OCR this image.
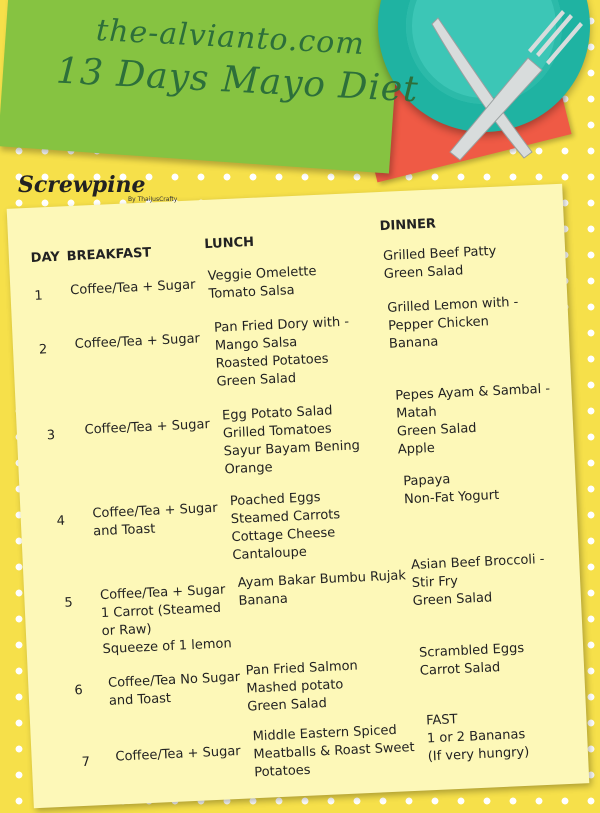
the-alvianto.com
13 Days Mayo Diet
Screwpine
By ThaiJusCrafty
DAY BREAKFAST
LUNCH
DINNER
1 Coffee/Tea + Sugar
Veggie Omelette
Tomato Salsa
Grilled Beef Patty
Green Salad
2 Coffee/Tea + Sugar
Pan Fried Dory with -
Mango Salsa
Roasted Potatoes
Green Salad
Grilled Lemon with -
Pepper Chicken
Banana
3 Coffee/Tea + Sugar
Egg Potato Salad
Grilled Tomatoes
Sayur Bayam Bening
Orange
Pepes Ayam & Sambal -
Matah
Green Salad
Apple
4 Coffee/Tea + Sugar
and Toast
Poached Eggs
Steamed Carrots
Cottage Cheese
Cantaloupe
Papaya
Non-Fat Yogurt
5 Coffee/Tea + Sugar
1 Carrot (Steamed
or Raw)
Squeeze of 1 lemon
Ayam Bakar Bumbu Rujak
Banana
Asian Beef Broccoli -
Stir Fry
Green Salad
6 Coffee/Tea No Sugar
and Toast
Pan Fried Salmon
Mashed potato
Green Salad
Scrambled Eggs
Carrot Salad
7 Coffee/Tea + Sugar
Middle Eastern Spiced
Meatballs & Roast Sweet
Potatoes
FAST
1 or 2 Bananas
(If very hungry)
